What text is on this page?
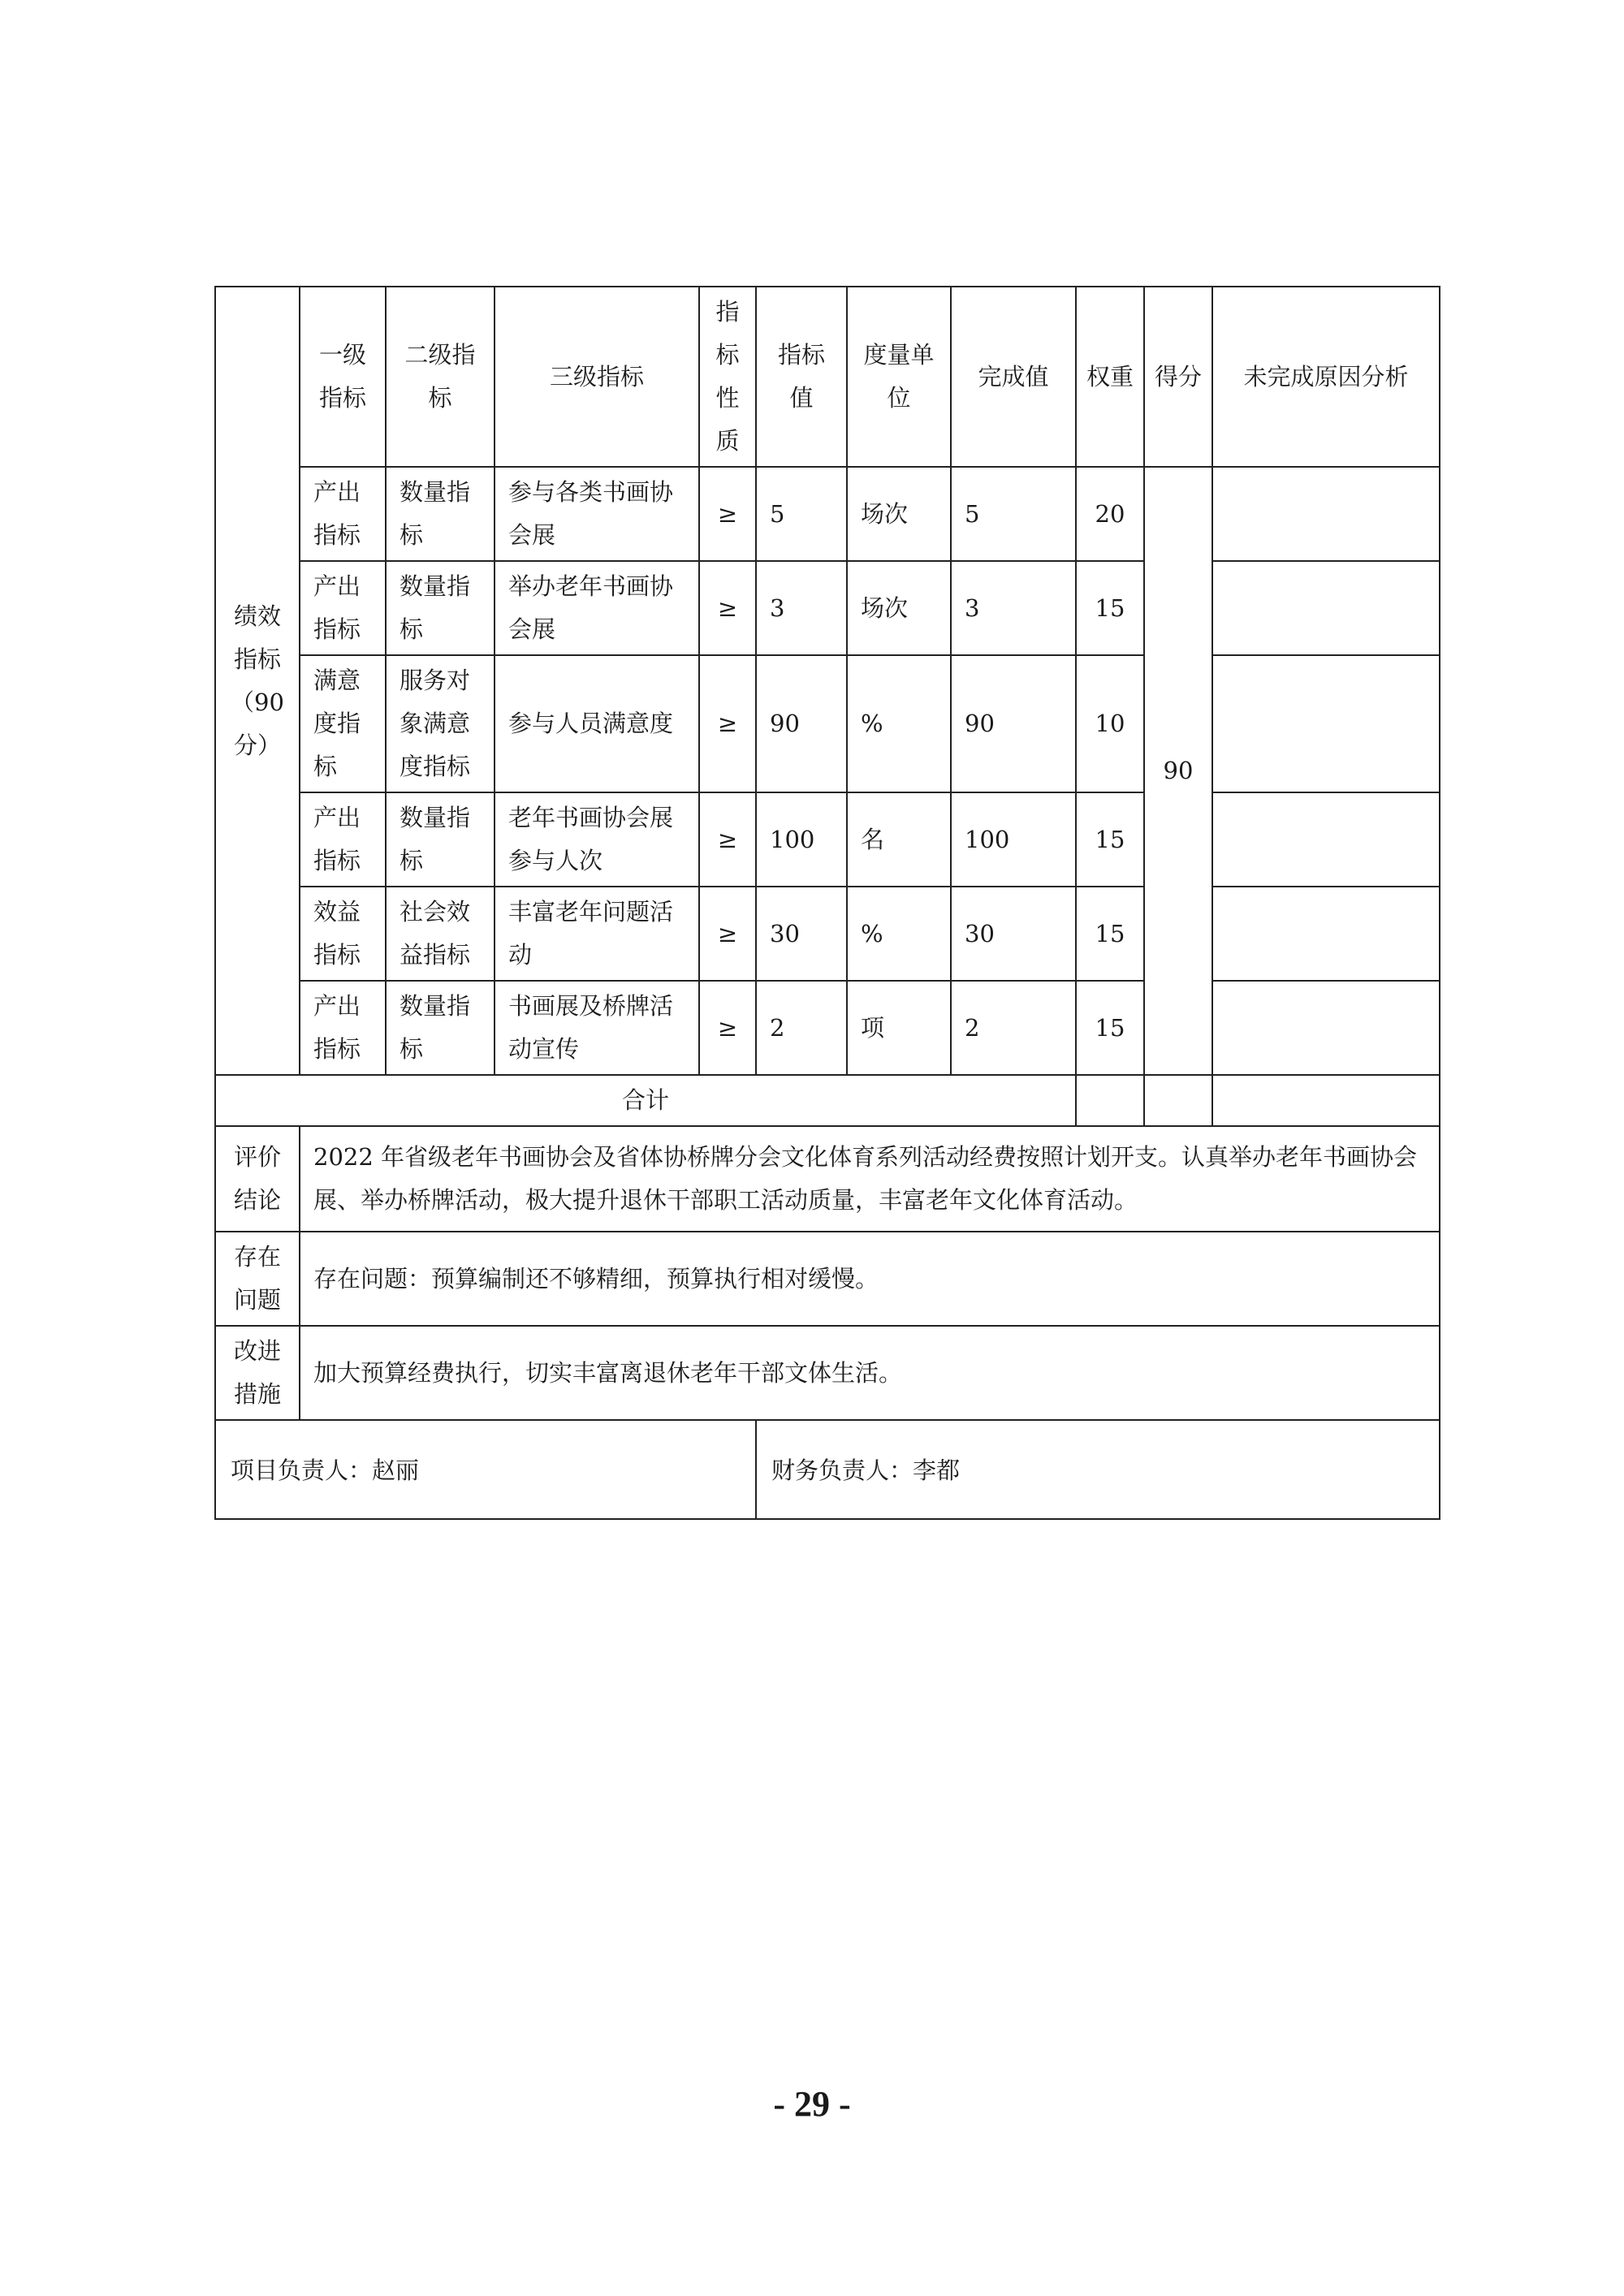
绩效指标（90分）	一级指标	二级指标	三级指标	指标性质	指标值	度量单位	完成值	权重	得分	未完成原因分析
	产出指标	数量指标	参与各类书画协会展	≥	5	场次	5	20	90	
	产出指标	数量指标	举办老年书画协会展	≥	3	场次	3	15		
	满意度指标	服务对象满意度指标	参与人员满意度	≥	90	%	90	10		
	产出指标	数量指标	老年书画协会展参与人次	≥	100	名	100	15		
	效益指标	社会效益指标	丰富老年问题活动	≥	30	%	30	15		
	产出指标	数量指标	书画展及桥牌活动宣传	≥	2	项	2	15		
合计										
评价结论	2022 年省级老年书画协会及省体协桥牌分会文化体育系列活动经费按照计划开支。认真举办老年书画协会展、举办桥牌活动，极大提升退休干部职工活动质量，丰富老年文化体育活动。									
存在问题	存在问题：预算编制还不够精细，预算执行相对缓慢。									
改进措施	加大预算经费执行，切实丰富离退休老年干部文体生活。									
项目负责人：赵丽	财务负责人：李都
- 29 -
